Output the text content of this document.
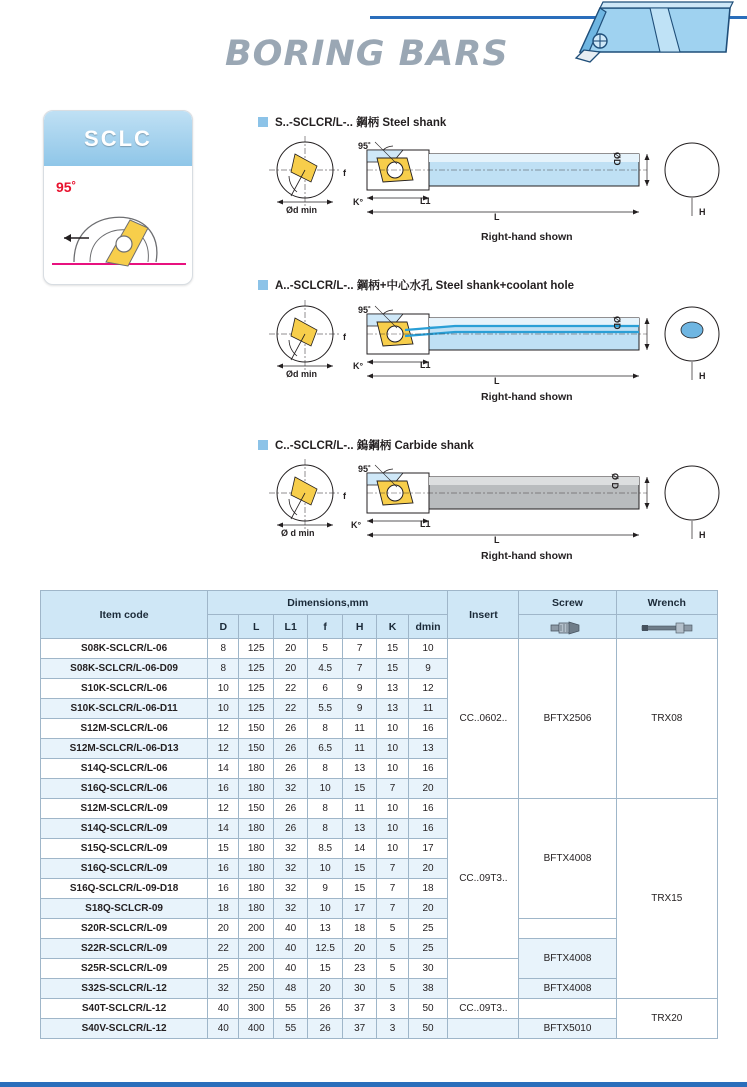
BORING BARS
SCLC
95˚
S..-SCLCR/L-.. 鋼柄 Steel shank
ØD
95˚
f
K°
Ød min
L1
L	H
Right-hand shown
A..-SCLCR/L-.. 鋼柄+中心水孔 Steel shank+coolant hole
ØD
95˚
f
K°
Ød min
L1
L	H
Right-hand shown
C..-SCLCR/L-.. 鎢鋼柄 Carbide shank
Ø D
95˚
f
K°
Ø d min
L1
L	H
Right-hand shown
Item code	Dimensions,mm							Insert	Screw	Wrench
	D	L	L1	f	H	K	dmin	

S08K-SCLCR/L-06	8	125	20	5	7	15	10	CC..0602..	BFTX2506	TRX08
S08K-SCLCR/L-06-D09	8	125	20	4.5	7	15	9			
S10K-SCLCR/L-06	10	125	22	6	9	13	12			
S10K-SCLCR/L-06-D11	10	125	22	5.5	9	13	11			
S12M-SCLCR/L-06	12	150	26	8	11	10	16			
S12M-SCLCR/L-06-D13	12	150	26	6.5	11	10	13			
S14Q-SCLCR/L-06	14	180	26	8	13	10	16			
S16Q-SCLCR/L-06	16	180	32	10	15	7	20			
S12M-SCLCR/L-09	12	150	26	8	11	10	16	CC..09T3..	BFTX4008	TRX15
S14Q-SCLCR/L-09	14	180	26	8	13	10	16			
S15Q-SCLCR/L-09	15	180	32	8.5	14	10	17			
S16Q-SCLCR/L-09	16	180	32	10	15	7	20			
S16Q-SCLCR/L-09-D18	16	180	32	9	15	7	18			
S18Q-SCLCR-09	18	180	32	10	17	7	20			
S20R-SCLCR/L-09	20	200	40	13	18	5	25			
S22R-SCLCR/L-09	22	200	40	12.5	20	5	25		BFTX4008	
S25R-SCLCR/L-09	25	200	40	15	23	5	30			
S32S-SCLCR/L-12	32	250	48	20	30	5	38		BFTX4008	
S40T-SCLCR/L-12	40	300	55	26	37	3	50	CC..09T3..		TRX20
S40V-SCLCR/L-12	40	400	55	26	37	3	50		BFTX5010	
